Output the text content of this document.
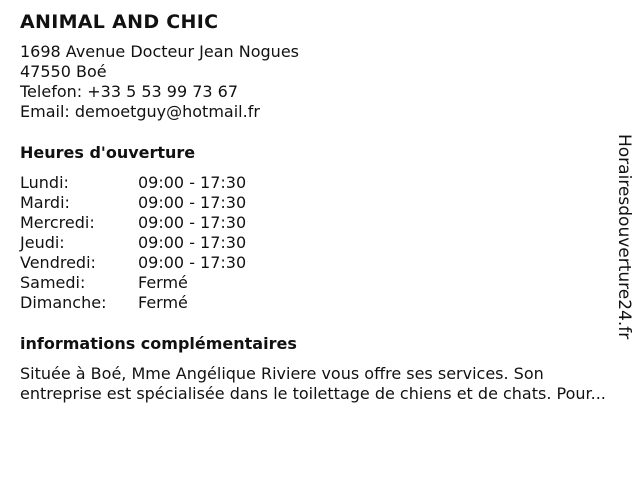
ANIMAL AND CHIC
1698 Avenue Docteur Jean Nogues
47550 Boé
Telefon: +33 5 53 99 73 67
Email: demoetguy@hotmail.fr
Heures d'ouverture
Lundi:	09:00 - 17:30
Mardi:	09:00 - 17:30
Mercredi:	09:00 - 17:30
Jeudi:	09:00 - 17:30
Vendredi:	09:00 - 17:30
Samedi:	Fermé
Dimanche:	Fermé
informations complémentaires
Située à Boé, Mme Angélique Riviere vous offre ses services. Son entreprise est spécialisée dans le toilettage de chiens et de chats. Pour...
Horairesdouverture24.fr
